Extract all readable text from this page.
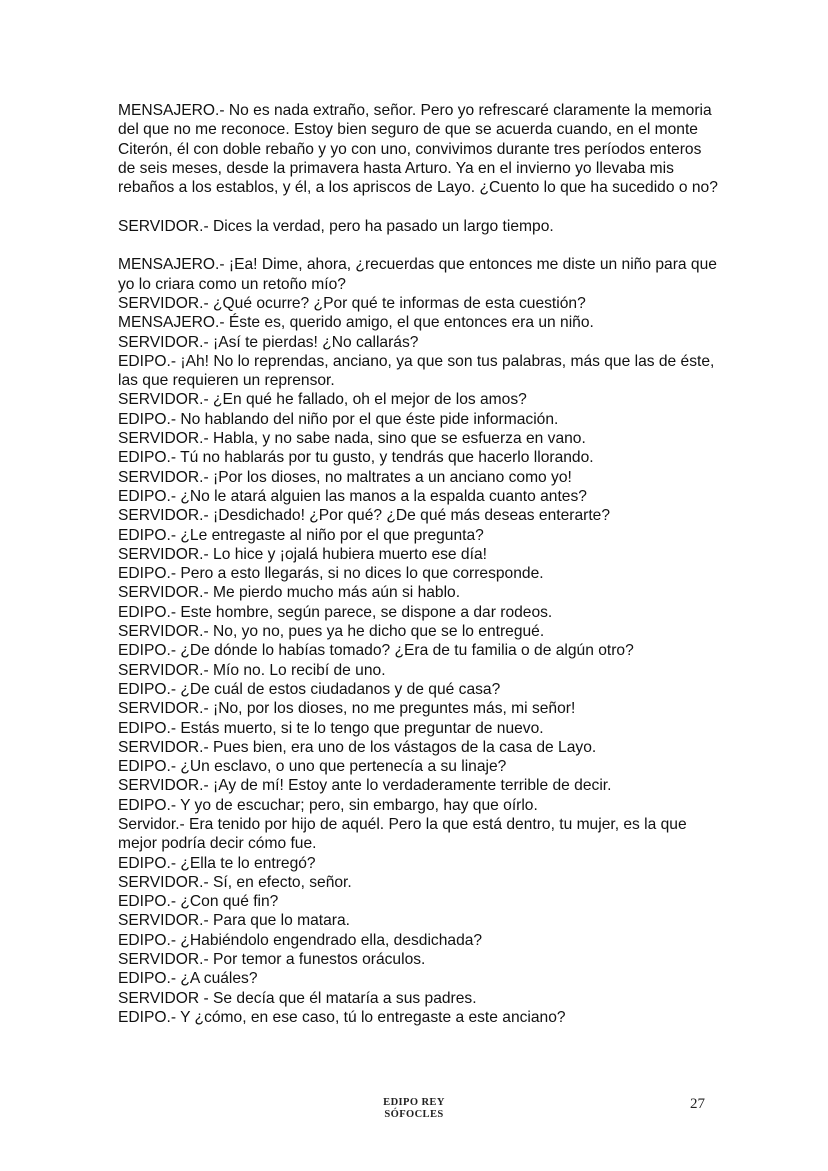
MENSAJERO.- No es nada extraño, señor. Pero yo refrescaré claramente la memoria del que no me reconoce. Estoy bien seguro de que se acuerda cuando, en el monte Citerón, él con doble rebaño y yo con uno, convivimos durante tres períodos enteros de seis meses, desde la primavera hasta Arturo. Ya en el invierno yo llevaba mis rebaños a los establos, y él, a los apriscos de Layo. ¿Cuento lo que ha sucedido o no?

SERVIDOR.- Dices la verdad, pero ha pasado un largo tiempo.

MENSAJERO.- ¡Ea! Dime, ahora, ¿recuerdas que entonces me diste un niño para que yo lo criara como un retoño mío?

SERVIDOR.- ¿Qué ocurre? ¿Por qué te informas de esta cuestión?

MENSAJERO.- Éste es, querido amigo, el que entonces era un niño.

SERVIDOR.- ¡Así te pierdas! ¿No callarás?

EDIPO.- ¡Ah! No lo reprendas, anciano, ya que son tus palabras, más que las de éste, las que requieren un reprensor.

SERVIDOR.- ¿En qué he fallado, oh el mejor de los amos?

EDIPO.- No hablando del niño por el que éste pide información.

SERVIDOR.- Habla, y no sabe nada, sino que se esfuerza en vano.

EDIPO.- Tú no hablarás por tu gusto, y tendrás que hacerlo llorando.

SERVIDOR.- ¡Por los dioses, no maltrates a un anciano como yo!

EDIPO.- ¿No le atará alguien las manos a la espalda cuanto antes?

SERVIDOR.- ¡Desdichado! ¿Por qué? ¿De qué más deseas enterarte?

EDIPO.- ¿Le entregaste al niño por el que pregunta?

SERVIDOR.- Lo hice y ¡ojalá hubiera muerto ese día!

EDIPO.- Pero a esto llegarás, si no dices lo que corresponde.

SERVIDOR.- Me pierdo mucho más aún si hablo.

EDIPO.- Este hombre, según parece, se dispone a dar rodeos.

SERVIDOR.- No, yo no, pues ya he dicho que se lo entregué.

EDIPO.- ¿De dónde lo habías tomado? ¿Era de tu familia o de algún otro?

SERVIDOR.- Mío no. Lo recibí de uno.

EDIPO.- ¿De cuál de estos ciudadanos y de qué casa?

SERVIDOR.- ¡No, por los dioses, no me preguntes más, mi señor!

EDIPO.- Estás muerto, si te lo tengo que preguntar de nuevo.

SERVIDOR.- Pues bien, era uno de los vástagos de la casa de Layo.

EDIPO.- ¿Un esclavo, o uno que pertenecía a su linaje?

SERVIDOR.- ¡Ay de mí! Estoy ante lo verdaderamente terrible de decir.

EDIPO.- Y yo de escuchar; pero, sin embargo, hay que oírlo.

Servidor.- Era tenido por hijo de aquél. Pero la que está dentro, tu mujer, es la que mejor podría decir cómo fue.

EDIPO.- ¿Ella te lo entregó?

SERVIDOR.- Sí, en efecto, señor.

EDIPO.- ¿Con qué fin?

SERVIDOR.- Para que lo matara.

EDIPO.- ¿Habiéndolo engendrado ella, desdichada?

SERVIDOR.- Por temor a funestos oráculos.

EDIPO.- ¿A cuáles?

SERVIDOR - Se decía que él mataría a sus padres.

EDIPO.- Y ¿cómo, en ese caso, tú lo entregaste a este anciano?

EDIPO REY
SÓFOCLES
27
